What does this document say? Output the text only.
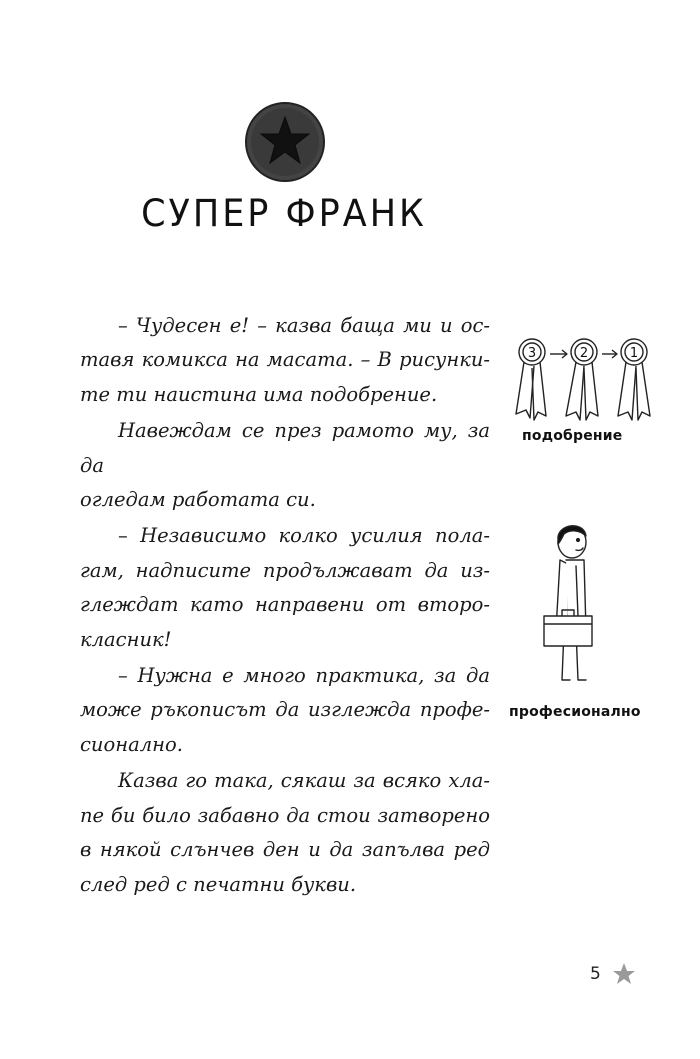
СУПЕР ФРАНК

– Чудесен е! – казва баща ми и ос-
тавя комикса на масата. – В рисунки-
те ти наистина има подобрение.

Навеждам се през рамото му, за да
огледам работата си.

– Независимо колко усилия пола-
гам, надписите продължават да из-
глеждат като направени от второ-
класник!

– Нужна е много практика, за да
може ръкописът да изглежда профе-
сионално.

Казва го така, сякаш за всяко хла-
пе би било забавно да стои затворено
в някой слънчев ден и да запълва ред
след ред с печатни букви.

3	2	1
подобрение
професионално
5
